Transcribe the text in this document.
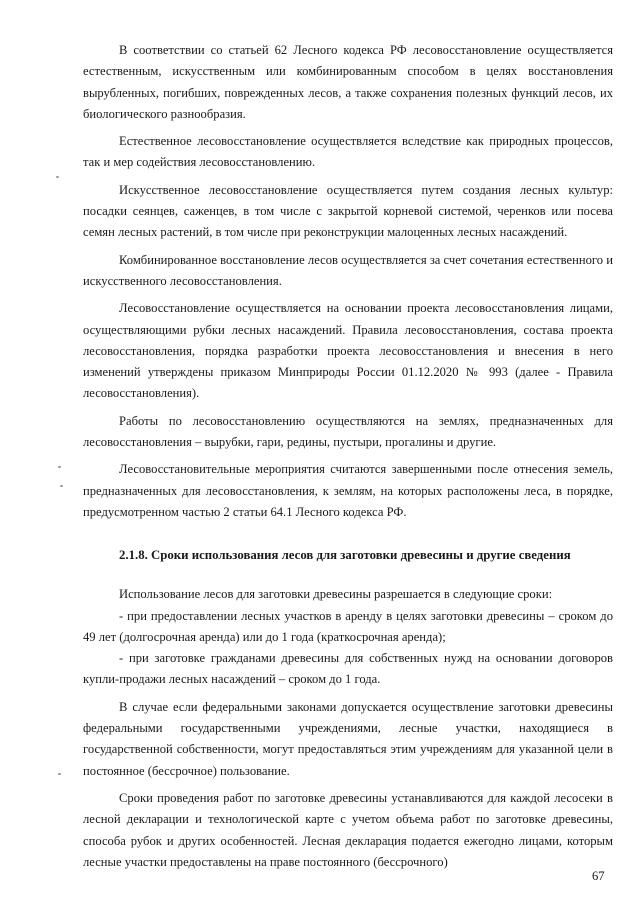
В соответствии со статьей 62 Лесного кодекса РФ лесовосстановление осуществляется естественным, искусственным или комбинированным способом в целях восстановления вырубленных, погибших, поврежденных лесов, а также сохранения полезных функций лесов, их биологического разнообразия.

Естественное лесовосстановление осуществляется вследствие как природных процессов, так и мер содействия лесовосстановлению.

Искусственное лесовосстановление осуществляется путем создания лесных культур: посадки сеянцев, саженцев, в том числе с закрытой корневой системой, черенков или посева семян лесных растений, в том числе при реконструкции малоценных лесных насаждений.

Комбинированное восстановление лесов осуществляется за счет сочетания естественного и искусственного лесовосстановления.

Лесовосстановление осуществляется на основании проекта лесовосстановления лицами, осуществляющими рубки лесных насаждений. Правила лесовосстановления, состава проекта лесовосстановления, порядка разработки проекта лесовосстановления и внесения в него изменений утверждены приказом Минприроды России 01.12.2020 № 993 (далее - Правила лесовосстановления).

Работы по лесовосстановлению осуществляются на землях, предназначенных для лесовосстановления – вырубки, гари, редины, пустыри, прогалины и другие.

Лесовосстановительные мероприятия считаются завершенными после отнесения земель, предназначенных для лесовосстановления, к землям, на которых расположены леса, в порядке, предусмотренном частью 2 статьи 64.1 Лесного кодекса РФ.

2.1.8. Сроки использования лесов для заготовки древесины и другие сведения

Использование лесов для заготовки древесины разрешается в следующие сроки:

- при предоставлении лесных участков в аренду в целях заготовки древесины – сроком до 49 лет (долгосрочная аренда) или до 1 года (краткосрочная аренда);

- при заготовке гражданами древесины для собственных нужд на основании договоров купли-продажи лесных насаждений – сроком до 1 года.

В случае если федеральными законами допускается осуществление заготовки древесины федеральными государственными учреждениями, лесные участки, находящиеся в государственной собственности, могут предоставляться этим учреждениям для указанной цели в постоянное (бессрочное) пользование.

Сроки проведения работ по заготовке древесины устанавливаются для каждой лесосеки в лесной декларации и технологической карте с учетом объема работ по заготовке древесины, способа рубок и других особенностей. Лесная декларация подается ежегодно лицами, которым лесные участки предоставлены на праве постоянного (бессрочного)

67
